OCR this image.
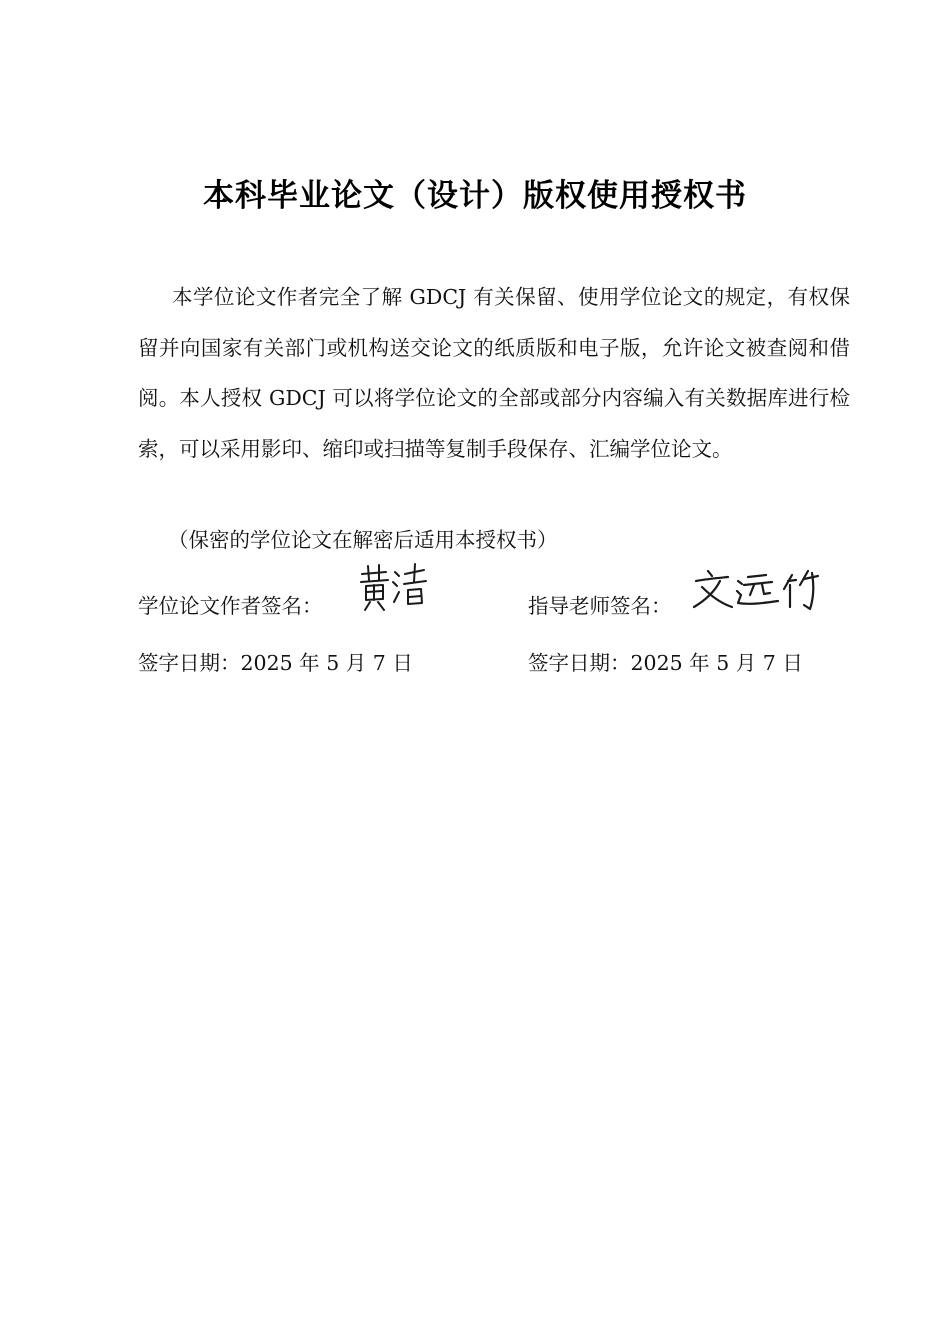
本科毕业论文（设计）版权使用授权书

本学位论文作者完全了解 GDCJ 有关保留、使用学位论文的规定，有权保留并向国家有关部门或机构送交论文的纸质版和电子版，允许论文被查阅和借阅。本人授权 GDCJ 可以将学位论文的全部或部分内容编入有关数据库进行检索，可以采用影印、缩印或扫描等复制手段保存、汇编学位论文。

（保密的学位论文在解密后适用本授权书）
学位论文作者签名：	指导老师签名：
签字日期：2025 年 5 月 7 日	签字日期：2025 年 5 月 7 日
